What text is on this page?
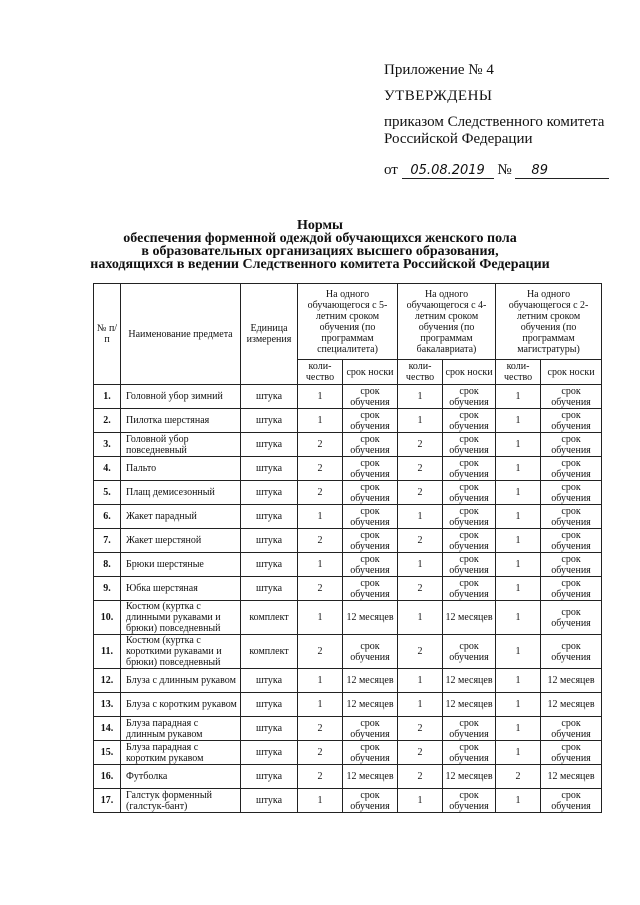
Приложение № 4
УТВЕРЖДЕНЫ
приказом Следственного комитета
Российской Федерации
от 05.08.2019 № 89
Нормы
обеспечения форменной одеждой обучающихся женского пола
в образовательных организациях высшего образования,
находящихся в ведении Следственного комитета Российской Федерации
№ п/п	Наименование предмета	Единица измерения	На одного обучающегося с 5-летним сроком обучения (по программам специалитета)		На одного обучающегося с 4-летним сроком обучения (по программам бакалавриата)		На одного обучающегося с 2-летним сроком обучения (по программам магистратуры)	
			коли-чество	срок носки	коли-чество	срок носки	коли-чество	срок носки
1.	Головной убор зимний	штука	1	срок обучения	1	срок обучения	1	срок обучения
2.	Пилотка шерстяная	штука	1	срок обучения	1	срок обучения	1	срок обучения
3.	Головной убор повседневный	штука	2	срок обучения	2	срок обучения	1	срок обучения
4.	Пальто	штука	2	срок обучения	2	срок обучения	1	срок обучения
5.	Плащ демисезонный	штука	2	срок обучения	2	срок обучения	1	срок обучения
6.	Жакет парадный	штука	1	срок обучения	1	срок обучения	1	срок обучения
7.	Жакет шерстяной	штука	2	срок обучения	2	срок обучения	1	срок обучения
8.	Брюки шерстяные	штука	1	срок обучения	1	срок обучения	1	срок обучения
9.	Юбка шерстяная	штука	2	срок обучения	2	срок обучения	1	срок обучения
10.	Костюм (куртка с длинными рукавами и брюки) повседневный	комплект	1	12 месяцев	1	12 месяцев	1	срок обучения
11.	Костюм (куртка с короткими рукавами и брюки) повседневный	комплект	2	срок обучения	2	срок обучения	1	срок обучения
12.	Блуза с длинным рукавом	штука	1	12 месяцев	1	12 месяцев	1	12 месяцев
13.	Блуза с коротким рукавом	штука	1	12 месяцев	1	12 месяцев	1	12 месяцев
14.	Блуза парадная с длинным рукавом	штука	2	срок обучения	2	срок обучения	1	срок обучения
15.	Блуза парадная с коротким рукавом	штука	2	срок обучения	2	срок обучения	1	срок обучения
16.	Футболка	штука	2	12 месяцев	2	12 месяцев	2	12 месяцев
17.	Галстук форменный (галстук-бант)	штука	1	срок обучения	1	срок обучения	1	срок обучения
